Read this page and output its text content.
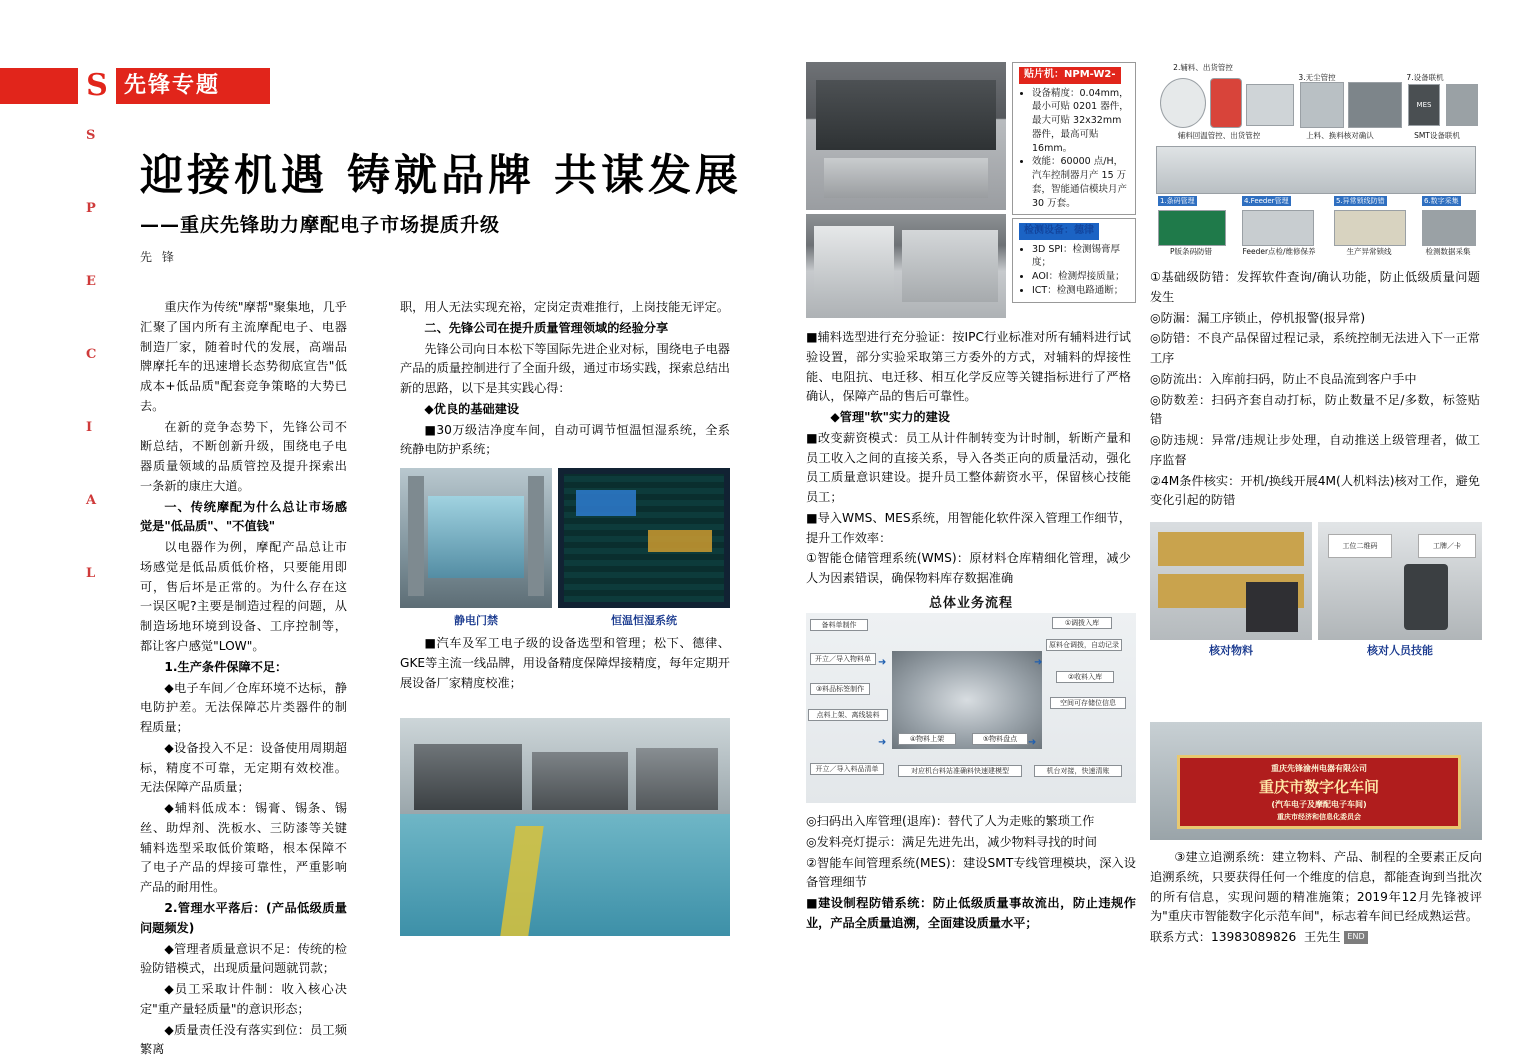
S 先锋专题
S
P
E
C
I
A
L
迎接机遇 铸就品牌 共谋发展
——重庆先锋助力摩配电子市场提质升级
先 锋

重庆作为传统"摩帮"聚集地，几乎汇聚了国内所有主流摩配电子、电器制造厂家，随着时代的发展，高端品牌摩托车的迅速增长态势彻底宣告"低成本+低品质"配套竞争策略的大势已去。

在新的竞争态势下，先锋公司不断总结，不断创新升级，围绕电子电器质量领域的品质管控及提升探索出一条新的康庄大道。

一、传统摩配为什么总让市场感觉是"低品质"、"不值钱"

以电器作为例，摩配产品总让市场感觉是低品质低价格，只要能用即可，售后坏是正常的。为什么存在这一误区呢?主要是制造过程的问题，从制造场地环境到设备、工序控制等，都让客户感觉"LOW"。

1.生产条件保障不足：

◆电子车间／仓库环境不达标，静电防护差。无法保障芯片类器件的制程质量；

◆设备投入不足：设备使用周期超标，精度不可靠，无定期有效校准。无法保障产品质量；

◆辅料低成本：锡膏、锡条、锡丝、助焊剂、洗板水、三防漆等关键辅料选型采取低价策略，根本保障不了电子产品的焊接可靠性，严重影响产品的耐用性。

2.管理水平落后：(产品低级质量问题频发)

◆管理者质量意识不足：传统的检验防错模式，出现质量问题就罚款；

◆员工采取计件制：收入核心决定"重产量轻质量"的意识形态；

◆质量责任没有落实到位：员工频繁离

职，用人无法实现充裕，定岗定责难推行，上岗技能无评定。

二、先锋公司在提升质量管理领域的经验分享

先锋公司向日本松下等国际先进企业对标，围绕电子电器产品的质量控制进行了全面升级，通过市场实践，探索总结出新的思路，以下是其实践心得：

◆优良的基础建设

■30万级洁净度车间，自动可调节恒温恒湿系统，全系统静电防护系统；

静电门禁	恒温恒湿系统

■汽车及军工电子级的设备选型和管理；松下、德律、GKE等主流一线品牌，用设备精度保障焊接精度，每年定期开展设备厂家精度校准；

贴片机：NPM-W2-
• 设备精度：0.04mm，最小可贴 0201 器件，最大可贴 32x32mm 器件，最高可贴 16mm。
• 效能：60000 点/H，汽车控制器月产 15 万套，智能通信模块月产 30 万套。
检测设备：德律
• 3D SPI：检测锡膏厚度；
• AOI：检测焊接质量；
• ICT：检测电路通断；

■辅料选型进行充分验证：按IPC行业标准对所有辅料进行试验设置，部分实验采取第三方委外的方式，对辅料的焊接性能、电阻抗、电迁移、相互化学反应等关键指标进行了严格确认，保障产品的售后可靠性。

◆管理"软"实力的建设

■改变薪资模式：员工从计件制转变为计时制，斩断产量和员工收入之间的直接关系，导入各类正向的质量活动，强化员工质量意识建设。提升员工整体薪资水平，保留核心技能员工；

■导入WMS、MES系统，用智能化软件深入管理工作细节，提升工作效率：

①智能仓储管理系统(WMS)：原材料仓库精细化管理，减少人为因素错误，确保物料库存数据准确

总体业务流程
备料单制作
开立／导入物料单
①调拨入库
原料仓调拨，自动记录
②收料入库
空间可存储位信息
③料品标签制作
点料上架、离线装料
④物料上架	⑤物料盘点
开立／导入料品清单	对应机台料站准确料快速建模型	机台对接，快速清账
➜	➜
➜	➜

◎扫码出入库管理(退库)：替代了人为走账的繁琐工作

◎发料亮灯提示：满足先进先出，减少物料寻找的时间

②智能车间管理系统(MES)：建设SMT专线管理模块，深入设备管理细节

■建设制程防错系统：防止低级质量事故流出，防止违规作业，产品全质量追溯，全面建设质量水平；

2.辅料、出货管控
3.无尘管控	7.设备联机
MES
辅料回温管控、出货管控	上料、换料核对确认	SMT设备联机
1.条码管理	4.Feeder管理	5.异常锁线防错	6.数字采集
P版条码防错	Feeder点检/维修保养	生产异常锁线	检测数据采集

①基础级防错：发挥软件查询/确认功能，防止低级质量问题发生

◎防漏：漏工序锁止，停机报警(报异常)

◎防错：不良产品保留过程记录，系统控制无法进入下一正常工序

◎防流出：入库前扫码，防止不良品流到客户手中

◎防数差：扫码齐套自动打标，防止数量不足/多数，标签贴错

◎防违规：异常/违规让步处理，自动推送上级管理者，做工序监督

②4M条件核实：开机/换线开展4M(人机料法)核对工作，避免变化引起的防错

工位二维码	工牌／卡
核对物料	核对人员技能
重庆先锋渝州电器有限公司
重庆市数字化车间
(汽车电子及摩配电子车间)
重庆市经济和信息化委员会

③建立追溯系统：建立物料、产品、制程的全要素正反向追溯系统，只要获得任何一个维度的信息，都能查询到当批次的所有信息，实现问题的精准施策；2019年12月先锋被评为"重庆市智能数字化示范车间"，标志着车间已经成熟运营。

联系方式：13983089826 王先生 END
